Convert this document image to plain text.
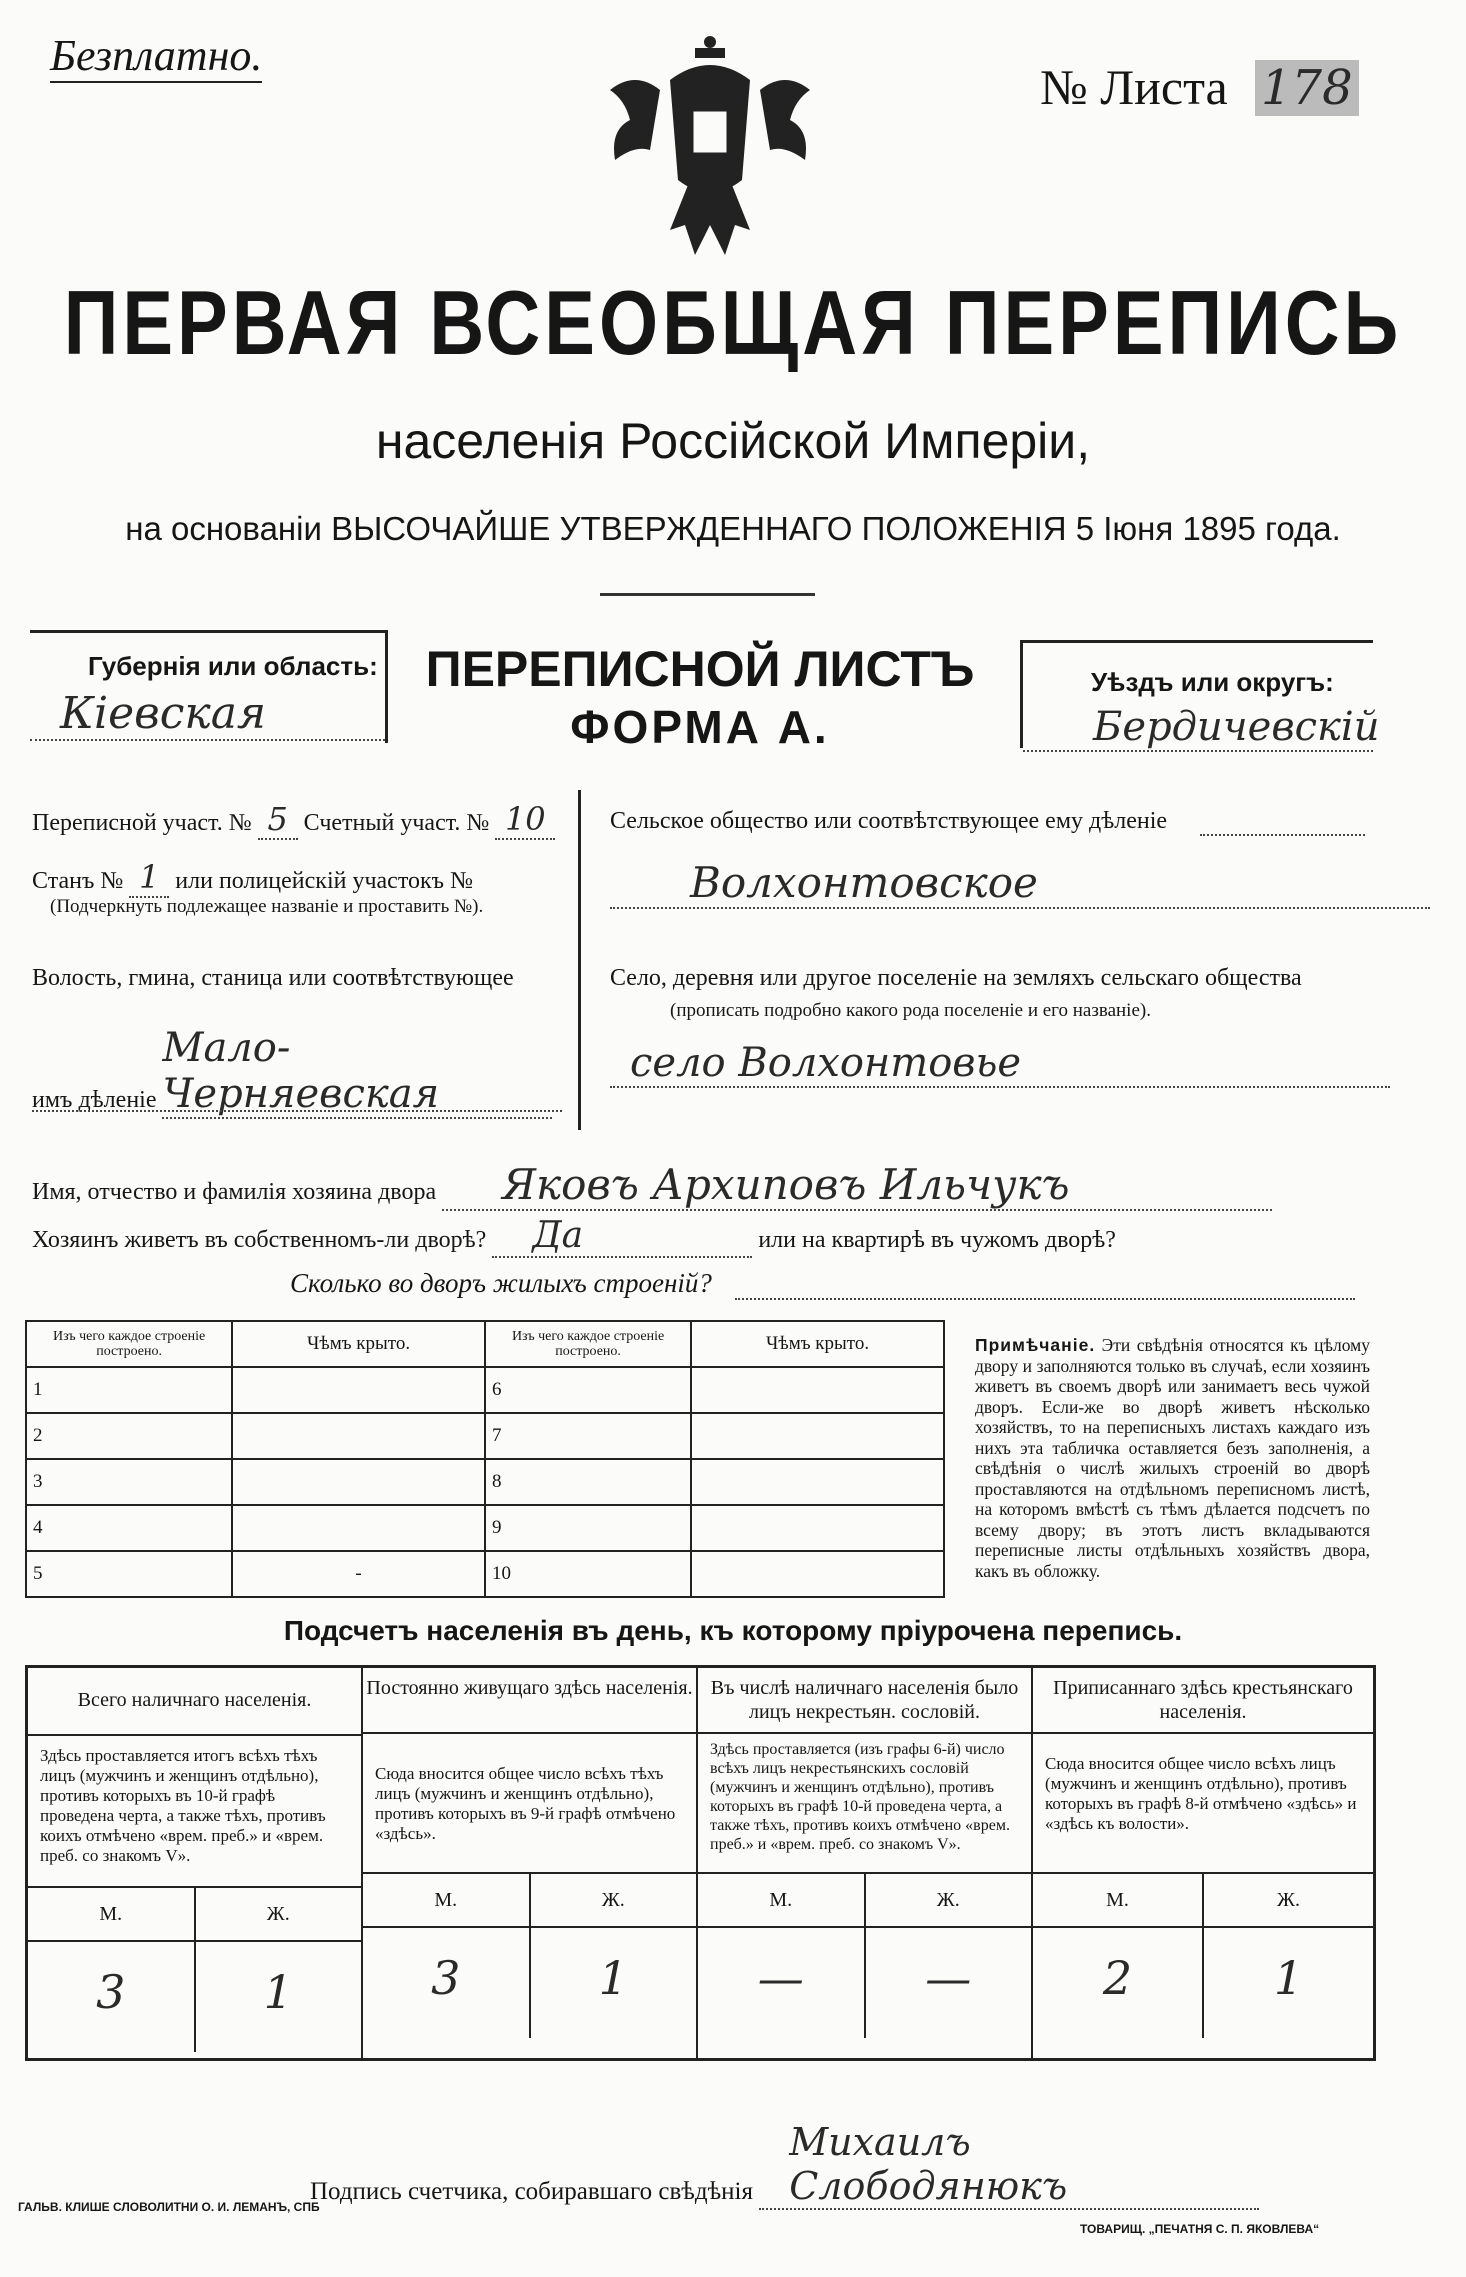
Безплатно.
№ Листа 178
ПЕРВАЯ ВСЕОБЩАЯ ПЕРЕПИСЬ
населенія Россійской Имперіи,
на основаніи ВЫСОЧАЙШЕ УТВЕРЖДЕННАГО ПОЛОЖЕНІЯ 5 Іюня 1895 года.
Губернія или область:
Кіевская
ПЕРЕПИСНОЙ ЛИСТЪ
ФОРМА А.
Уѣздъ или округъ:
Бердичевскій
Переписной участ. № 5 Счетный участ. № 10
Станъ № 1 или полицейскій участокъ №
(Подчеркнуть подлежащее названіе и проставить №).
Волость, гмина, станица или соотвѣтствующее
имъ дѣленіе Мало-Черняевская
Сельское общество или соотвѣтствующее ему дѣленіе
Волхонтовское
Село, деревня или другое поселеніе на земляхъ сельскаго общества
(прописать подробно какого рода поселеніе и его названіе).
село Волхонтовье
Имя, отчество и фамилія хозяина двора Яковъ Архиповъ Ильчукъ
Хозяинъ живетъ въ собственномъ-ли дворѣ? Да	или на квартирѣ въ чужомъ дворѣ?
Сколько во дворъ жилыхъ строеній?
Изъ чего каждое строеніе построено.	Чѣмъ крыто.	Изъ чего каждое строеніе построено.	Чѣмъ крыто.
1		6	
2		7	
3		8	
4		9	
5	-	10	
Примѣчаніе. Эти свѣдѣнія относятся къ цѣлому двору и заполняются только въ случаѣ, если хозяинъ живетъ въ своемъ дворѣ или занимаетъ весь чужой дворъ. Если-же во дворѣ живетъ нѣсколько хозяйствъ, то на переписныхъ листахъ каждаго изъ нихъ эта табличка оставляется безъ заполненія, а свѣдѣнія о числѣ жилыхъ строеній во дворѣ проставляются на отдѣльномъ переписномъ листѣ, на которомъ вмѣстѣ съ тѣмъ дѣлается подсчетъ по всему двору; въ этотъ листъ вкладываются переписные листы отдѣльныхъ хозяйствъ двора, какъ въ обложку.
Подсчетъ населенія въ день, къ которому пріурочена перепись.
Всего наличнаго населенія.
Здѣсь проставляется итогъ всѣхъ тѣхъ лицъ (мужчинъ и женщинъ отдѣльно), противъ которыхъ въ 10-й графѣ проведена черта, а также тѣхъ, противъ коихъ отмѣчено «врем. преб.» и «врем. преб. со знакомъ V».
М.	Ж.
3	1
Постоянно живущаго здѣсь населенія.
Сюда вносится общее число всѣхъ тѣхъ лицъ (мужчинъ и женщинъ отдѣльно), противъ которыхъ въ 9-й графѣ отмѣчено «здѣсь».
М.	Ж.
3	1
Въ числѣ наличнаго населенія было лицъ некрестьян. сословій.
Здѣсь проставляется (изъ графы 6-й) число всѣхъ лицъ некрестьянскихъ сословій (мужчинъ и женщинъ отдѣльно), противъ которыхъ въ графѣ 10-й проведена черта, а также тѣхъ, противъ коихъ отмѣчено «врем. преб.» и «врем. преб. со знакомъ V».
М.	Ж.
—	—
Приписаннаго здѣсь крестьянскаго населенія.
Сюда вносится общее число всѣхъ лицъ (мужчинъ и женщинъ отдѣльно), противъ которыхъ въ графѣ 8-й отмѣчено «здѣсь» и «здѣсь къ волости».
М.	Ж.
2	1
Подпись счетчика, собиравшаго свѣдѣнія Михаилъ Слободянюкъ
ГАЛЬВ. КЛИШЕ СЛОВОЛИТНИ О. И. ЛЕМАНЪ, СПБ
ТОВАРИЩ. „ПЕЧАТНЯ С. П. ЯКОВЛЕВА“
